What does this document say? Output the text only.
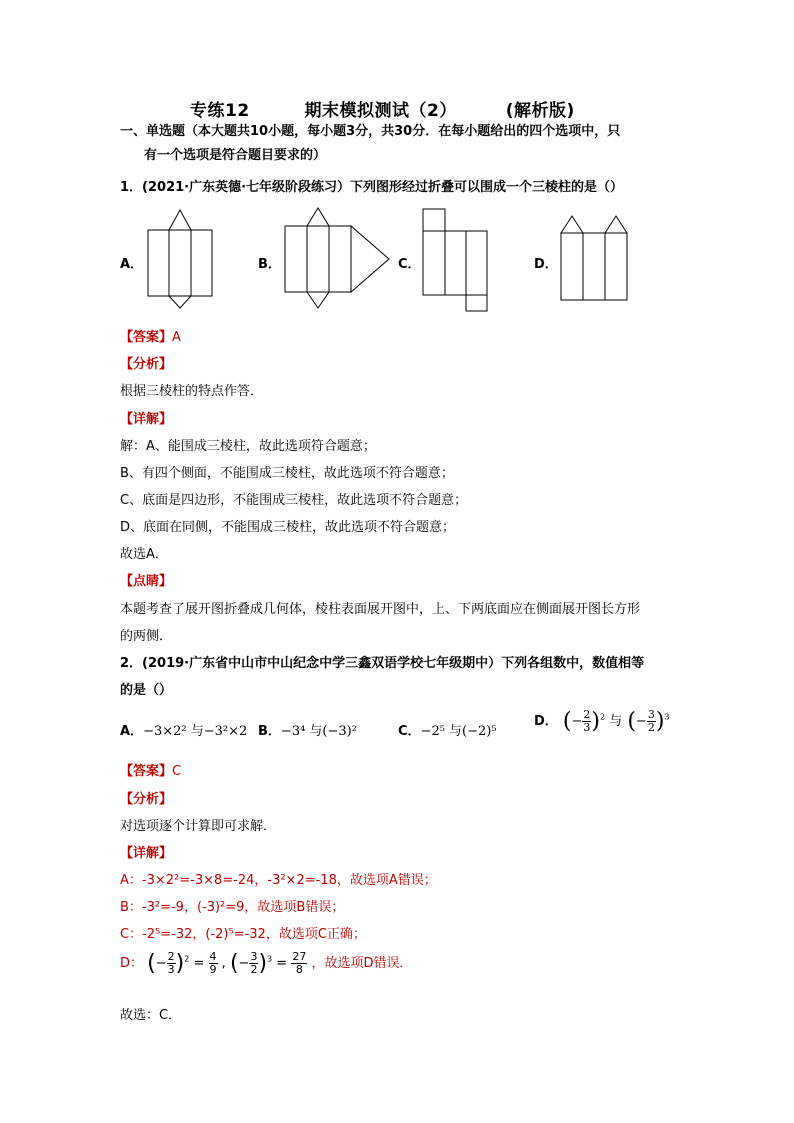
专练12	期末模拟测试（2）	(解析版)
一、单选题（本大题共10小题，每小题3分，共30分．在每小题给出的四个选项中，只
有一个选项是符合题目要求的）
1．(2021·广东英德·七年级阶段练习）下列图形经过折叠可以围成一个三棱柱的是（）
A．	B．	C．	D．
【答案】A
【分析】
根据三棱柱的特点作答．
【详解】
解：A、能围成三棱柱，故此选项符合题意；
B、有四个侧面，不能围成三棱柱，故此选项不符合题意；
C、底面是四边形，不能围成三棱柱，故此选项不符合题意；
D、底面在同侧，不能围成三棱柱，故此选项不符合题意；
故选A．
【点睛】
本题考查了展开图折叠成几何体，棱柱表面展开图中，上、下两底面应在侧面展开图长方形
的两侧．
2．(2019·广东省中山市中山纪念中学三鑫双语学校七年级期中）下列各组数中，数值相等
的是（）
A．−3×2² 与−3²×2 B．−3⁴ 与(−3)²	C．−2⁵ 与(−2)⁵
D． (− $\frac{2}{3} )^2$ 与 (− $\frac{3}{2} )^3$
【答案】C
【分析】
对选项逐个计算即可求解．
【详解】
A：-3×2²=-3×8=-24，-3²×2=-18，故选项A错误；
B：-3²=-9，(-3)²=9，故选项B错误；
C：-2⁵=-32，(-2)⁵=-32，故选项C正确；
D： (− $\frac{2}{3} )^2 = \frac{4}{9}$ , (− $\frac{3}{2} )^3 = \frac{27}{8}$ ，故选项D错误．
故选：C．
